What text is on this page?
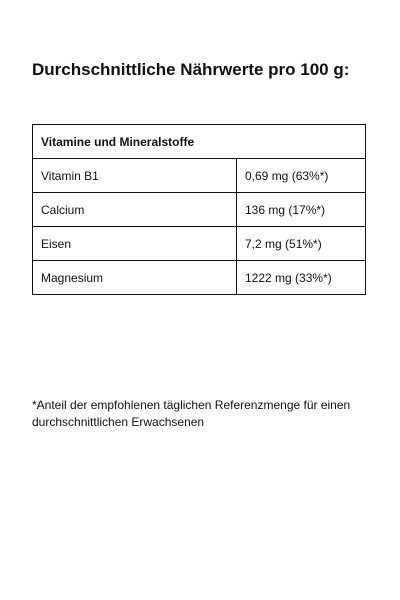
Durchschnittliche Nährwerte pro 100 g:
Vitamine und Mineralstoffe	
Vitamin B1	0,69 mg (63%*)
Calcium	136 mg (17%*)
Eisen	7,2 mg (51%*)
Magnesium	1222 mg (33%*)
*Anteil der empfohlenen täglichen Referenzmenge für einen durchschnittlichen Erwachsenen
